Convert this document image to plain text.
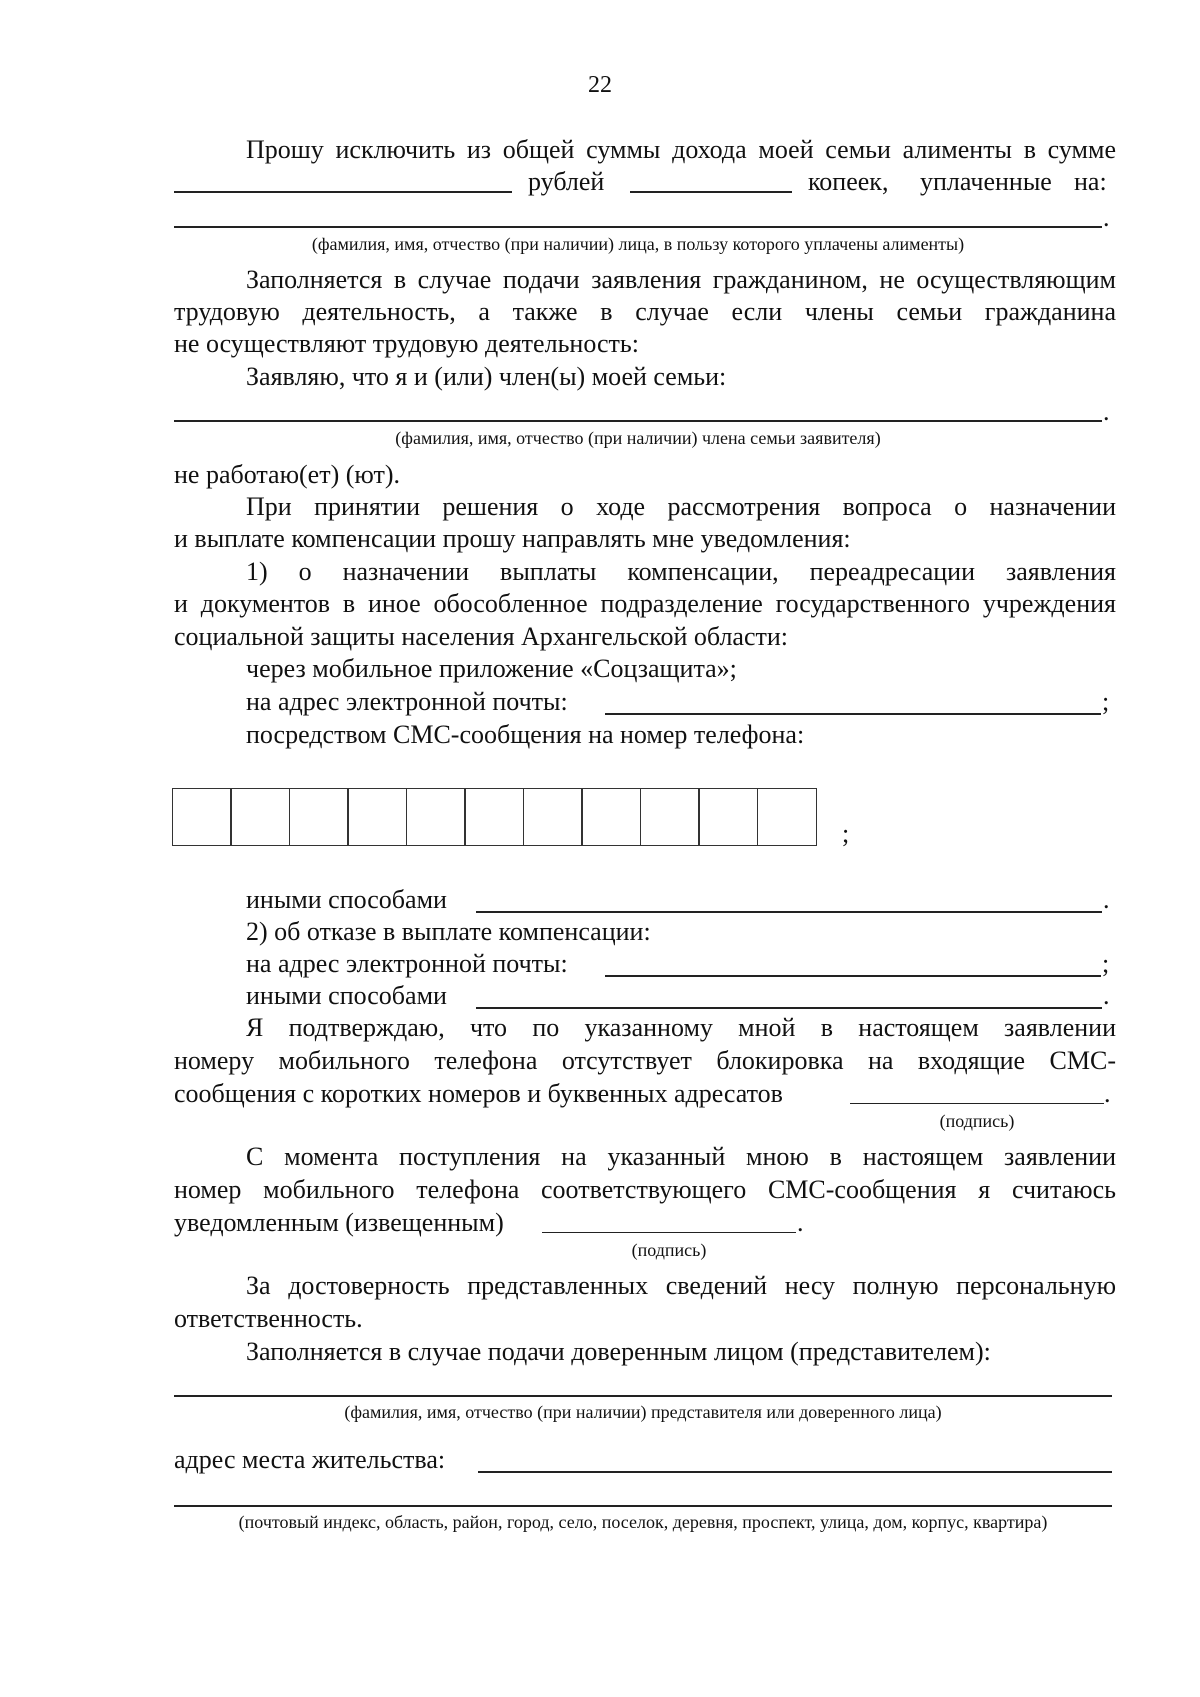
22
Прошу исключить из общей суммы дохода моей семьи алименты в сумме
рублей	копеек, уплаченные на:
.
(фамилия, имя, отчество (при наличии) лица, в пользу которого уплачены алименты)
Заполняется в случае подачи заявления гражданином, не осуществляющим
трудовую деятельность, а также в случае если члены семьи гражданина
не осуществляют трудовую деятельность:
Заявляю, что я и (или) член(ы) моей семьи:
.
(фамилия, имя, отчество (при наличии) члена семьи заявителя)
не работаю(ет) (ют).
При принятии решения о ходе рассмотрения вопроса о назначении
и выплате компенсации прошу направлять мне уведомления:
1) о назначении выплаты компенсации, переадресации заявления
и документов в иное обособленное подразделение государственного учреждения
социальной защиты населения Архангельской области:
через мобильное приложение «Соцзащита»;
на адрес электронной почты:	;
посредством СМС-сообщения на номер телефона:
;
иными способами	.
2) об отказе в выплате компенсации:
на адрес электронной почты:	;
иными способами	.
Я подтверждаю, что по указанному мной в настоящем заявлении
номеру мобильного телефона отсутствует блокировка на входящие СМС-
сообщения с коротких номеров и буквенных адресатов	.
(подпись)
С момента поступления на указанный мною в настоящем заявлении
номер мобильного телефона соответствующего СМС-сообщения я считаюсь
уведомленным (извещенным)	.
(подпись)
За достоверность представленных сведений несу полную персональную
ответственность.
Заполняется в случае подачи доверенным лицом (представителем):
(фамилия, имя, отчество (при наличии) представителя или доверенного лица)
адрес места жительства:
(почтовый индекс, область, район, город, село, поселок, деревня, проспект, улица, дом, корпус, квартира)
